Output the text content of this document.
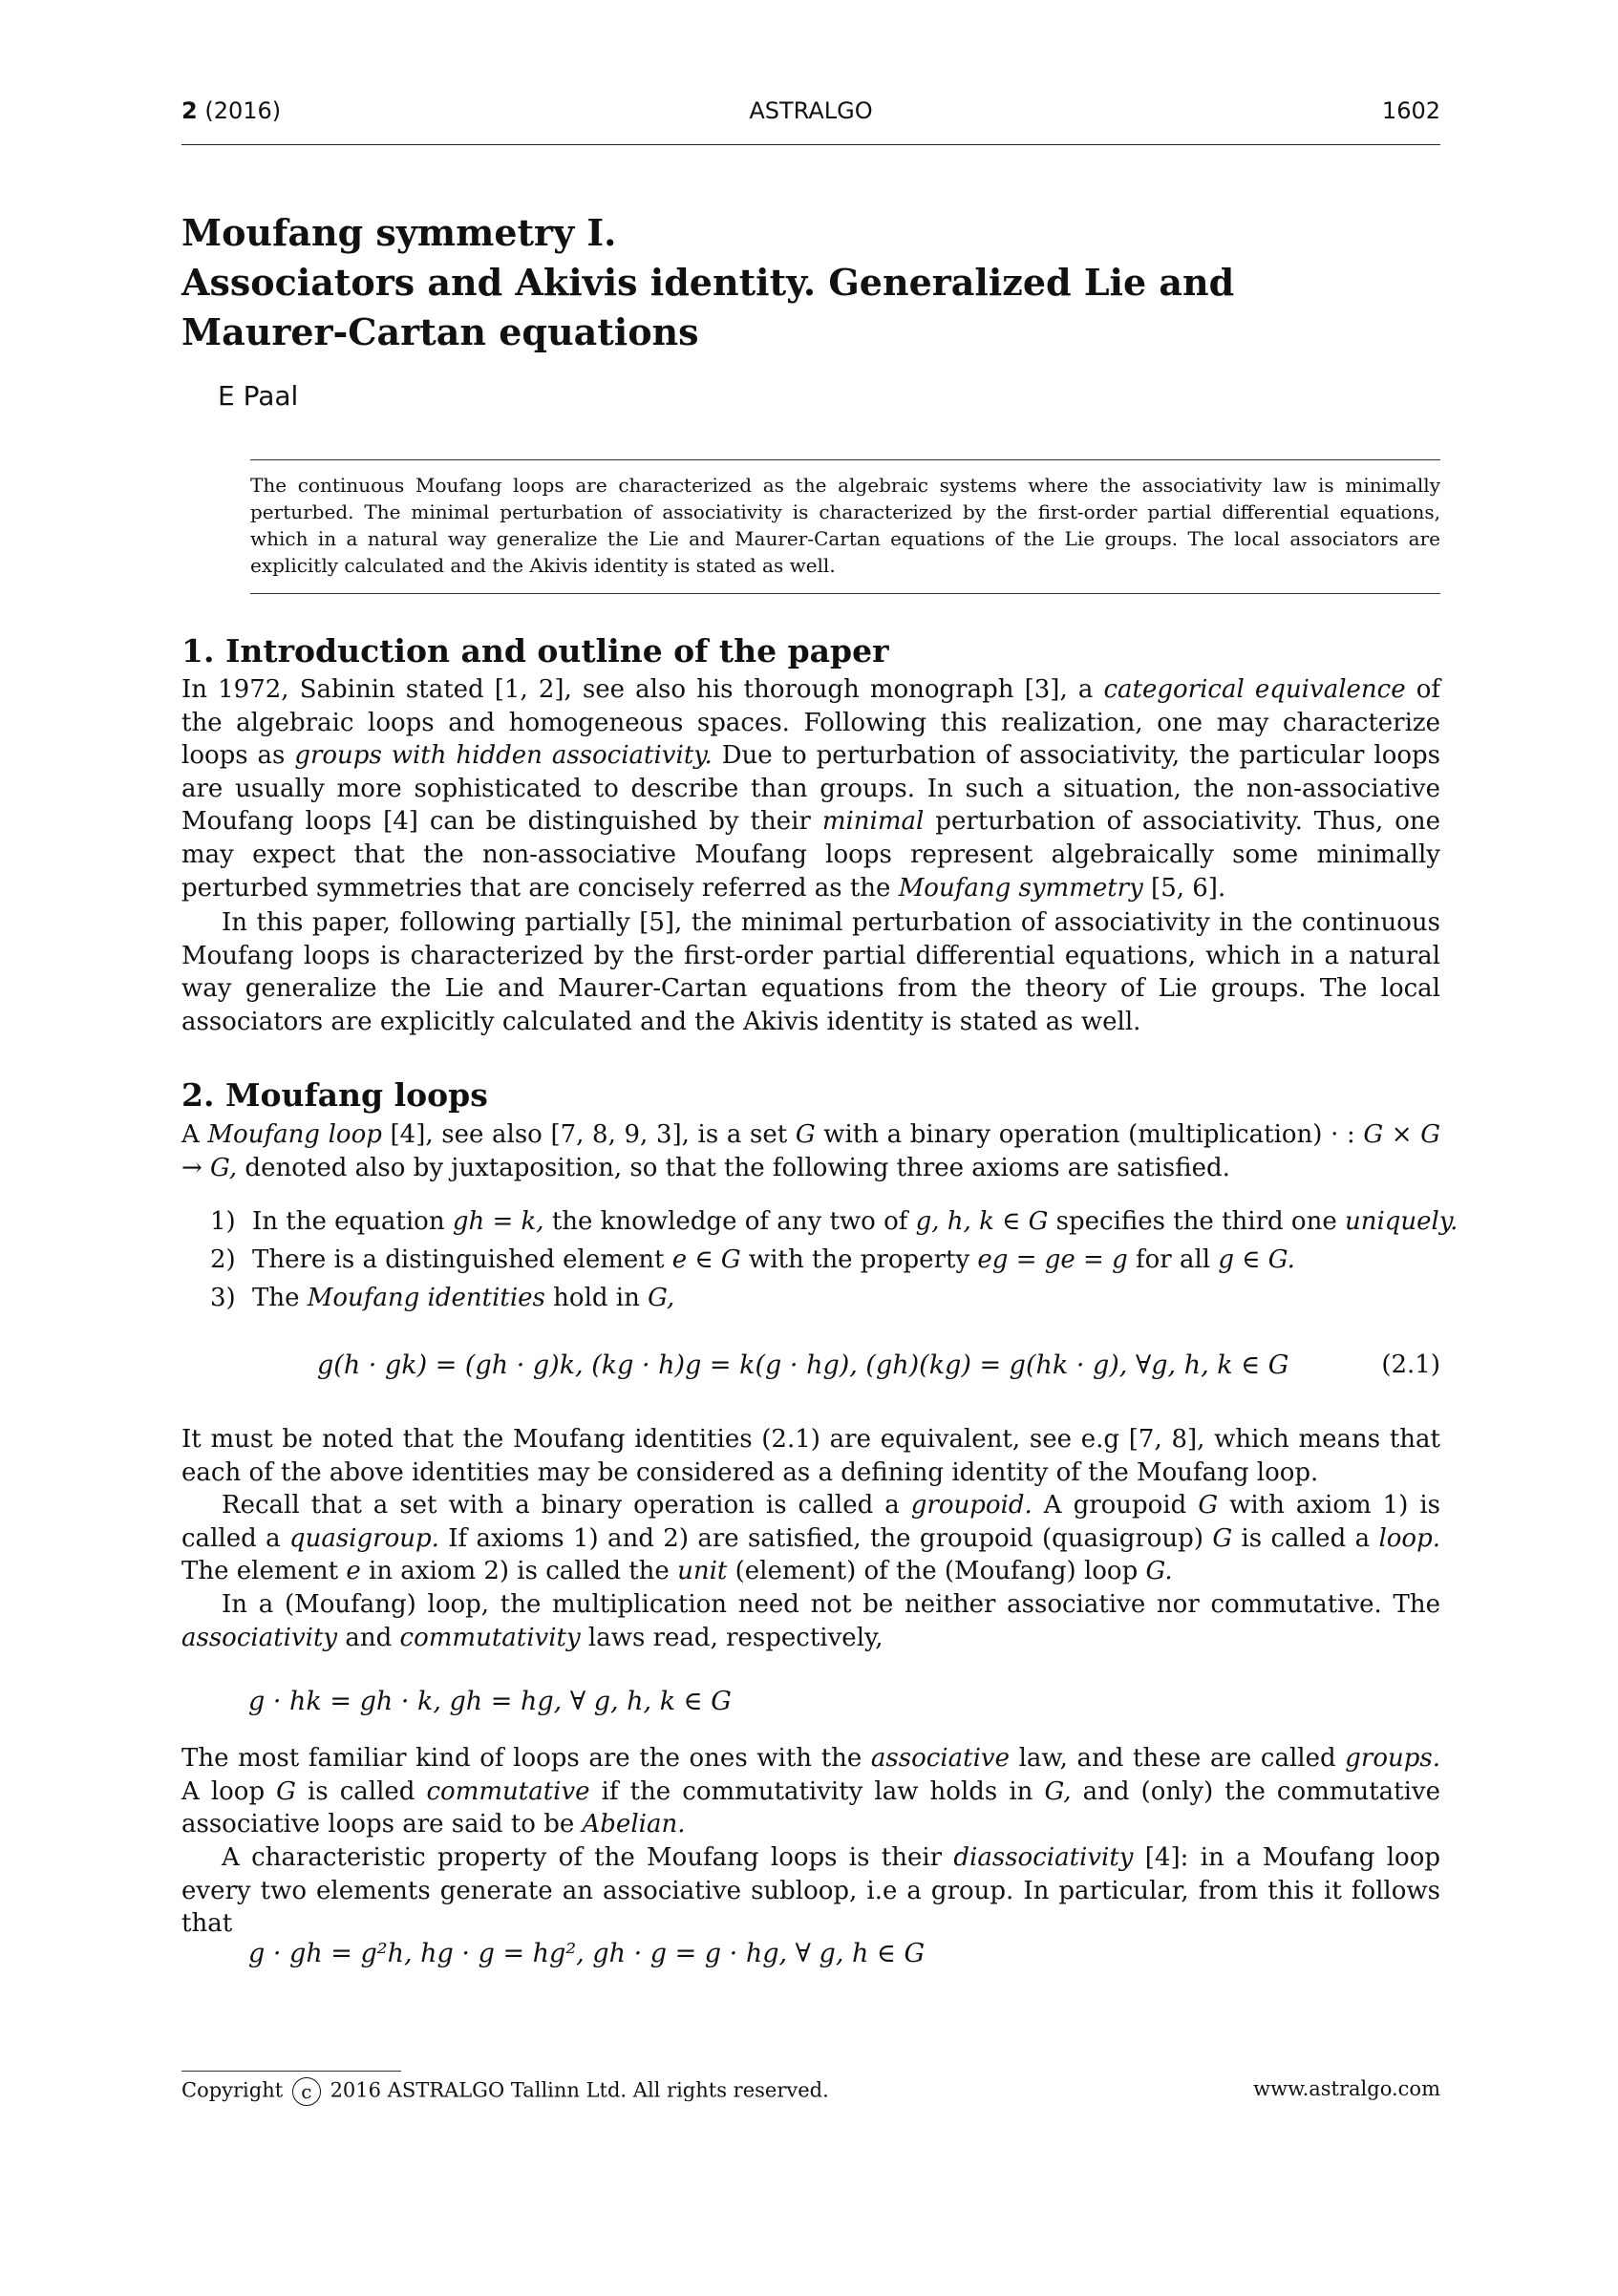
2 (2016)	ASTRALGO	1602
Moufang symmetry I.
Associators and Akivis identity. Generalized Lie and
Maurer-Cartan equations
E Paal
The continuous Moufang loops are characterized as the algebraic systems where the associativity law is minimally perturbed. The minimal perturbation of associativity is characterized by the first-order partial differential equations, which in a natural way generalize the Lie and Maurer-Cartan equations of the Lie groups. The local associators are explicitly calculated and the Akivis identity is stated as well.
1. Introduction and outline of the paper
In 1972, Sabinin stated [1, 2], see also his thorough monograph [3], a categorical equivalence of the algebraic loops and homogeneous spaces. Following this realization, one may characterize loops as groups with hidden associativity. Due to perturbation of associativity, the particular loops are usually more sophisticated to describe than groups. In such a situation, the non-associative Moufang loops [4] can be distinguished by their minimal perturbation of associativity. Thus, one may expect that the non-associative Moufang loops represent algebraically some minimally perturbed symmetries that are concisely referred as the Moufang symmetry [5, 6].
In this paper, following partially [5], the minimal perturbation of associativity in the continuous Moufang loops is characterized by the first-order partial differential equations, which in a natural way generalize the Lie and Maurer-Cartan equations from the theory of Lie groups. The local associators are explicitly calculated and the Akivis identity is stated as well.
2. Moufang loops
A Moufang loop [4], see also [7, 8, 9, 3], is a set G with a binary operation (multiplication) · : G × G → G, denoted also by juxtaposition, so that the following three axioms are satisfied.
1) In the equation gh = k, the knowledge of any two of g, h, k ∈ G specifies the third one uniquely.
2) There is a distinguished element e ∈ G with the property eg = ge = g for all g ∈ G.
3) The Moufang identities hold in G,
g(h · gk) = (gh · g)k, (kg · h)g = k(g · hg), (gh)(kg) = g(hk · g), ∀g, h, k ∈ G	(2.1)
It must be noted that the Moufang identities (2.1) are equivalent, see e.g [7, 8], which means that each of the above identities may be considered as a defining identity of the Moufang loop.
Recall that a set with a binary operation is called a groupoid. A groupoid G with axiom 1) is called a quasigroup. If axioms 1) and 2) are satisfied, the groupoid (quasigroup) G is called a loop. The element e in axiom 2) is called the unit (element) of the (Moufang) loop G.
In a (Moufang) loop, the multiplication need not be neither associative nor commutative. The associativity and commutativity laws read, respectively,
g · hk = gh · k, gh = hg, ∀ g, h, k ∈ G
The most familiar kind of loops are the ones with the associative law, and these are called groups. A loop G is called commutative if the commutativity law holds in G, and (only) the commutative associative loops are said to be Abelian.
A characteristic property of the Moufang loops is their diassociativity [4]: in a Moufang loop every two elements generate an associative subloop, i.e a group. In particular, from this it follows that
g · gh = g²h, hg · g = hg², gh · g = g · hg, ∀ g, h ∈ G
Copyright c 2016 ASTRALGO Tallinn Ltd. All rights reserved.	www.astralgo.com
